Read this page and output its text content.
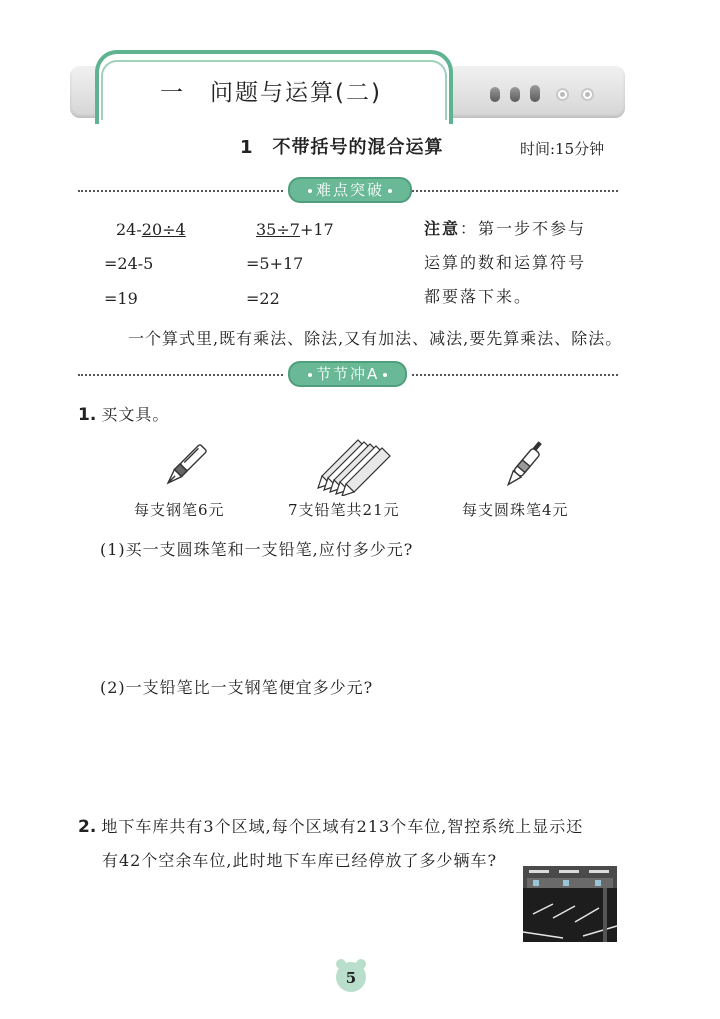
一　问题与运算(二)
1　不带括号的混合运算	时间:15分钟
难点突破
24-20÷4
=24-5
=19
35÷7+17
=5+17
=22
注意：第一步不参与
运算的数和运算符号
都要落下来。
一个算式里,既有乘法、除法,又有加法、减法,要先算乘法、除法。
节节冲A
1. 买文具。
每支钢笔6元	7支铅笔共21元	每支圆珠笔4元
(1)买一支圆珠笔和一支铅笔,应付多少元?
(2)一支铅笔比一支钢笔便宜多少元?
2. 地下车库共有3个区域,每个区域有213个车位,智控系统上显示还
有42个空余车位,此时地下车库已经停放了多少辆车?
5
